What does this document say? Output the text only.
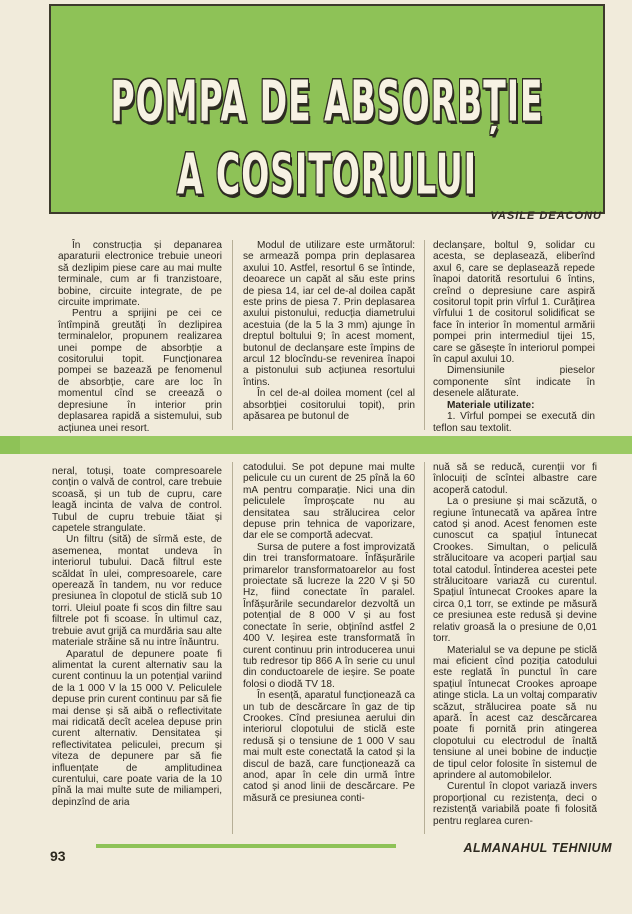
POMPA DE ABSORBȚIE
A COSITORULUI
VASILE DEACONU

În construcția și depanarea aparaturii electronice trebuie uneori să dezlipim piese care au mai multe terminale, cum ar fi tranzistoare, bobine, circuite integrate, de pe circuite imprimate.

Pentru a sprijini pe cei ce întîmpină greutăți în dezlipirea terminalelor, propunem realizarea unei pompe de absorbție a cositorului topit. Funcționarea pompei se bazează pe fenomenul de absorbție, care are loc în momentul cînd se creează o depresiune în interior prin deplasarea rapidă a sistemului, sub acțiunea unei resort.

Modul de utilizare este următorul: se armează pompa prin deplasarea axului 10. Astfel, resortul 6 se întinde, deoarece un capăt al său este prins de piesa 14, iar cel de-al doilea capăt este prins de piesa 7. Prin deplasarea axului pistonului, reducția diametrului acestuia (de la 5 la 3 mm) ajunge în dreptul boltului 9; în acest moment, butonul de declanșare este împins de arcul 12 blocîndu-se revenirea înapoi a pistonului sub acțiunea resortului întins.

În cel de-al doilea moment (cel al absorbției cositorului topit), prin apăsarea pe butonul de

declanșare, boltul 9, solidar cu acesta, se deplasează, eliberînd axul 6, care se deplasează repede înapoi datorită resortului 6 întins, creînd o depresiune care aspiră cositorul topit prin vîrful 1. Curățirea vîrfului 1 de cositorul solidificat se face în interior în momentul armării pompei prin intermediul tijei 15, care se găsește în interiorul pompei în capul axului 10.

Dimensiunile pieselor componente sînt indicate în desenele alăturate.

Materiale utilizate:

1. Vîrful pompei se execută din teflon sau textolit.

neral, totuși, toate compresoarele conțin o valvă de control, care trebuie scoasă, și un tub de cupru, care leagă incinta de valva de control. Tubul de cupru trebuie tăiat și capetele strangulate.

Un filtru (sită) de sîrmă este, de asemenea, montat undeva în interiorul tubului. Dacă filtrul este scăldat în ulei, compresoarele, care operează în tandem, nu vor reduce presiunea în clopotul de sticlă sub 10 torri. Uleiul poate fi scos din filtre sau filtrele pot fi scoase. În ultimul caz, trebuie avut grijă ca murdăria sau alte materiale străine să nu intre înăuntru.

Aparatul de depunere poate fi alimentat la curent alternativ sau la curent continuu la un potențial variind de la 1 000 V la 15 000 V. Peliculele depuse prin curent continuu par să fie mai dense și să aibă o reflectivitate mai ridicată decît acelea depuse prin curent alternativ. Densitatea și reflectivitatea peliculei, precum și viteza de depunere par să fie influențate de amplitudinea curentului, care poate varia de la 10 pînă la mai multe sute de miliamperi, depinzînd de aria

catodului. Se pot depune mai multe pelicule cu un curent de 25 pînă la 60 mA pentru comparație. Nici una din peliculele împroșcate nu au densitatea sau strălucirea celor depuse prin tehnica de vaporizare, dar ele se comportă adecvat.

Sursa de putere a fost improvizată din trei transformatoare. Înfășurările primarelor transformatoarelor au fost proiectate să lucreze la 220 V și 50 Hz, fiind conectate în paralel. Înfășurările secundarelor dezvoltă un potențial de 8 000 V și au fost conectate în serie, obținînd astfel 2 400 V. Ieșirea este transformată în curent continuu prin introducerea unui tub redresor tip 866 A în serie cu unul din conductoarele de ieșire. Se poate folosi o diodă TV 18.

În esență, aparatul funcționează ca un tub de descărcare în gaz de tip Crookes. Cînd presiunea aerului din interiorul clopotului de sticlă este redusă și o tensiune de 1 000 V sau mai mult este conectată la catod și la discul de bază, care funcționează ca anod, apar în cele din urmă între catod și anod linii de descărcare. Pe măsură ce presiunea conti-

nuă să se reducă, curenții vor fi înlocuiți de scîntei albastre care acoperă catodul.

La o presiune și mai scăzută, o regiune întunecată va apărea între catod și anod. Acest fenomen este cunoscut ca spațiul întunecat Crookes. Simultan, o peliculă strălucitoare va acoperi parțial sau total catodul. Întinderea acestei pete strălucitoare variază cu curentul. Spațiul întunecat Crookes apare la circa 0,1 torr, se extinde pe măsură ce presiunea este redusă și devine relativ groasă la o presiune de 0,01 torr.

Materialul se va depune pe sticlă mai eficient cînd poziția catodului este reglată în punctul în care spațiul întunecat Crookes aproape atinge sticla. La un voltaj comparativ scăzut, strălucirea poate să nu apară. În acest caz descărcarea poate fi pornită prin atingerea clopotului cu electrodul de înaltă tensiune al unei bobine de inducție de tipul celor folosite în sistemul de aprindere al automobilelor.

Curentul în clopot variază invers proporțional cu rezistența, deci o rezistență variabilă poate fi folosită pentru reglarea curen-

93	ALMANAHUL TEHNIUM
